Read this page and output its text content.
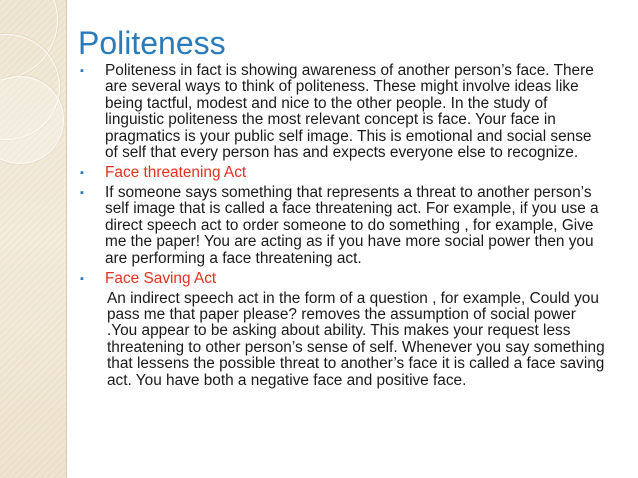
Politeness
▪	Politeness in fact is showing awareness of another person’s face. There are several ways to think of politeness. These might involve ideas like being tactful, modest and nice to the other people. In the study of linguistic politeness the most relevant concept is face. Your face in pragmatics is your public self image. This is emotional and social sense of self that every person has and expects everyone else to recognize.
▪	Face threatening Act
▪	If someone says something that represents a threat to another person’s self image that is called a face threatening act. For example, if you use a direct speech act to order someone to do something , for example, Give me the paper! You are acting as if you have more social power then you are performing a face threatening act.
▪	Face Saving Act
An indirect speech act in the form of a question , for example, Could you pass me that paper please? removes the assumption of social power .You appear to be asking about ability. This makes your request less threatening to other person’s sense of self. Whenever you say something that lessens the possible threat to another’s face it is called a face saving act. You have both a negative face and positive face.
